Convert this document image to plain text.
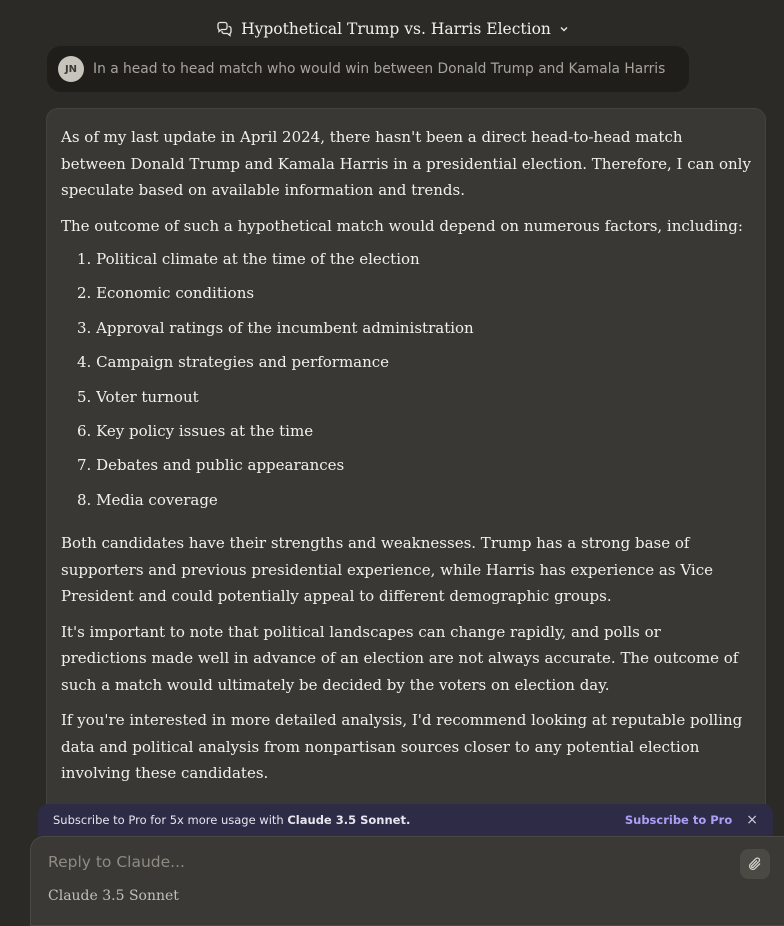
Hypothetical Trump vs. Harris Election
JN	In a head to head match who would win between Donald Trump and Kamala Harris

As of my last update in April 2024, there hasn't been a direct head-to-head match between Donald Trump and Kamala Harris in a presidential election. Therefore, I can only speculate based on available information and trends.

The outcome of such a hypothetical match would depend on numerous factors, including:

1. Political climate at the time of the election
2. Economic conditions
3. Approval ratings of the incumbent administration
4. Campaign strategies and performance
5. Voter turnout
6. Key policy issues at the time
7. Debates and public appearances
8. Media coverage

Both candidates have their strengths and weaknesses. Trump has a strong base of supporters and previous presidential experience, while Harris has experience as Vice President and could potentially appeal to different demographic groups.

It's important to note that political landscapes can change rapidly, and polls or predictions made well in advance of an election are not always accurate. The outcome of such a match would ultimately be decided by the voters on election day.

If you're interested in more detailed analysis, I'd recommend looking at reputable polling data and political analysis from nonpartisan sources closer to any potential election involving these candidates.

Subscribe to Pro for 5x more usage with Claude 3.5 Sonnet.	Subscribe to Pro ×
Reply to Claude...
Claude 3.5 Sonnet
